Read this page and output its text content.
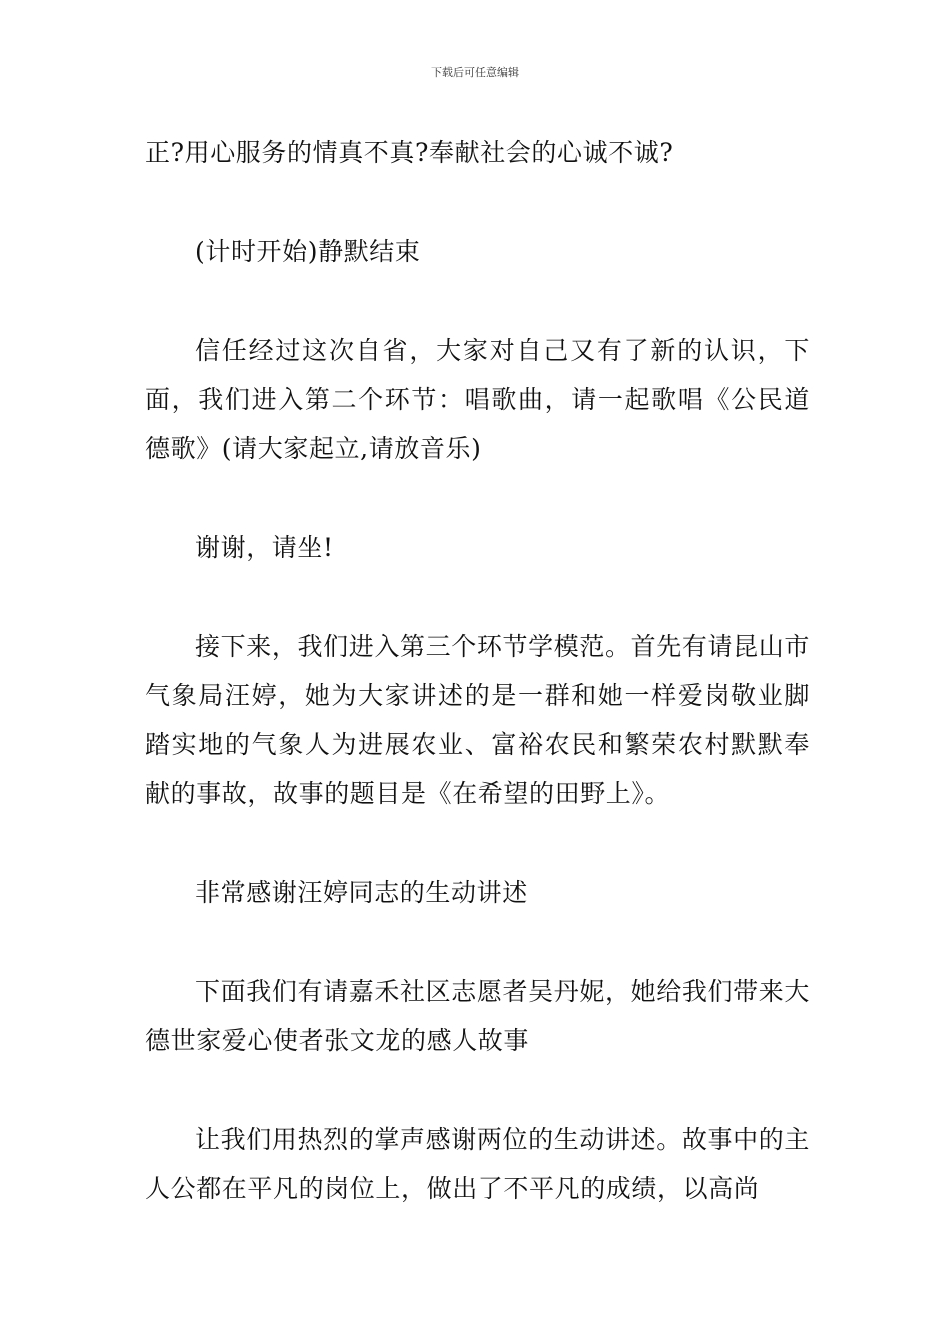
下载后可任意编辑

正?用心服务的情真不真?奉献社会的心诚不诚?

(计时开始)静默结束

信任经过这次自省，大家对自己又有了新的认识，下面，我们进入第二个环节：唱歌曲，请一起歌唱《公民道德歌》(请大家起立,请放音乐)

谢谢，请坐!

接下来，我们进入第三个环节学模范。首先有请昆山市气象局汪婷，她为大家讲述的是一群和她一样爱岗敬业脚踏实地的气象人为进展农业、富裕农民和繁荣农村默默奉献的事故，故事的题目是《在希望的田野上》。

非常感谢汪婷同志的生动讲述

下面我们有请嘉禾社区志愿者吴丹妮，她给我们带来大德世家爱心使者张文龙的感人故事

让我们用热烈的掌声感谢两位的生动讲述。故事中的主人公都在平凡的岗位上，做出了不平凡的成绩，以高尚
